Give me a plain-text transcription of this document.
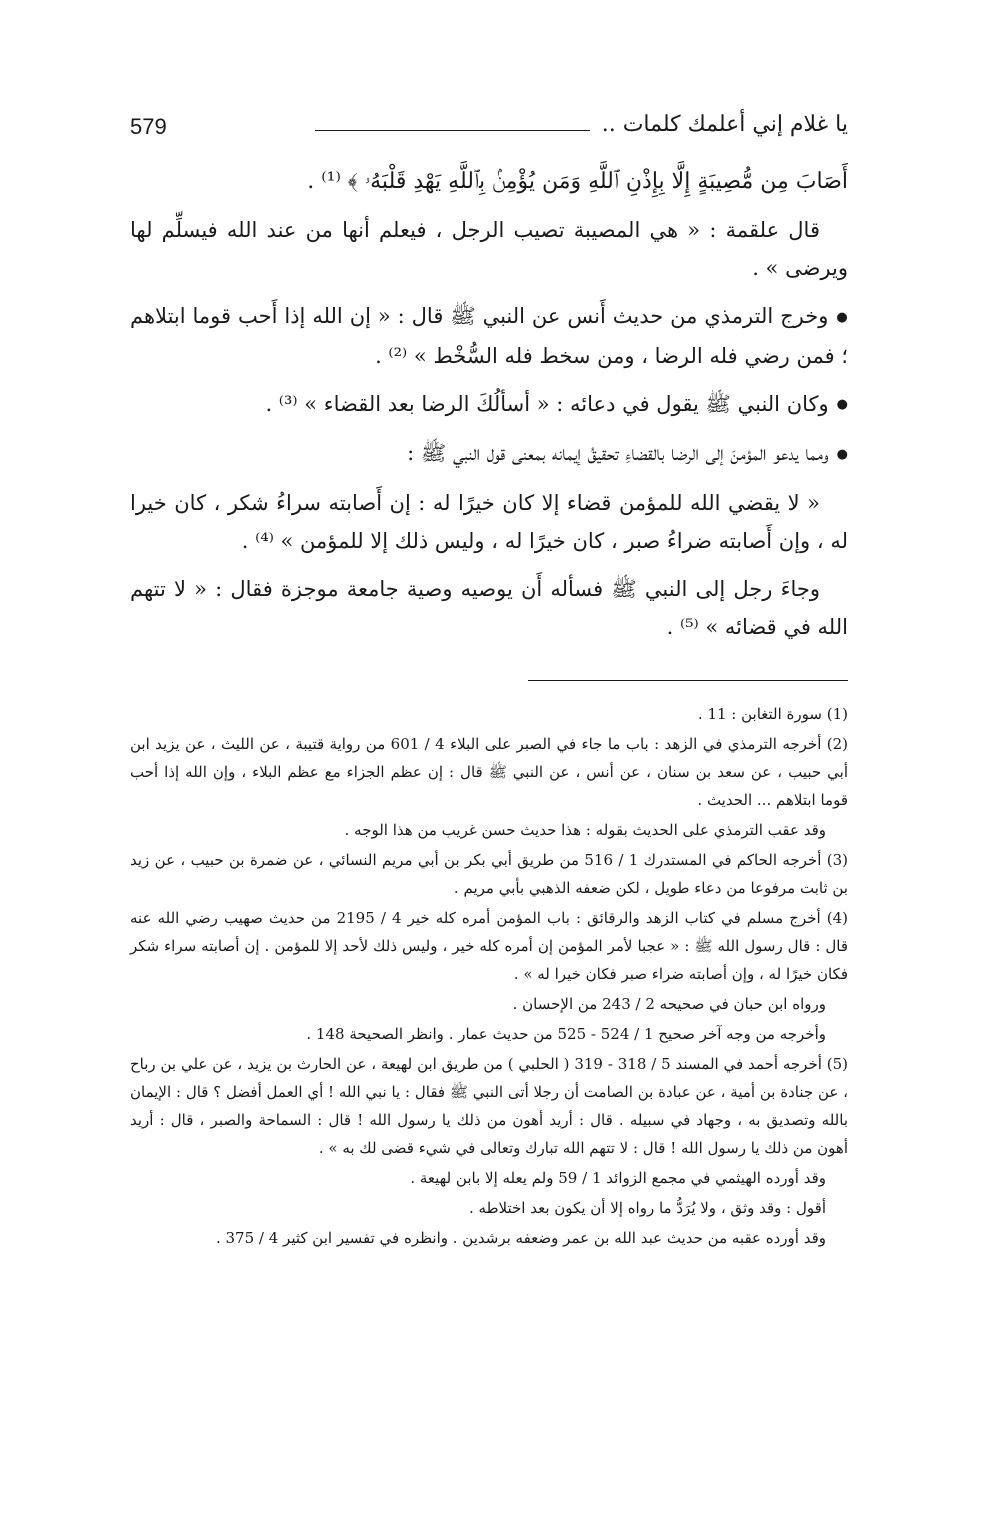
يا غلام إني أعلمك كلمات ..
579

أَصَابَ مِن مُّصِيبَةٍ إِلَّا بِإِذْنِ ٱللَّهِ وَمَن يُؤْمِنۢ بِٱللَّهِ يَهْدِ قَلْبَهُۥ ﴾ ⁽¹⁾ .

قال علقمة : « هي المصيبة تصيب الرجل ، فيعلم أنها من عند الله فيسلِّم لها ويرضى » .

● وخرج الترمذي من حديث أَنس عن النبي ﷺ قال : « إن الله إذا أَحب قوما ابتلاهم ؛ فمن رضي فله الرضا ، ومن سخط فله السُّخْط » ⁽²⁾ .

● وكان النبي ﷺ يقول في دعائه : « أسألُكَ الرضا بعد القضاء » ⁽³⁾ .

● ومما يدعو المؤمنَ إلى الرضا بالقضاءِ تحقيقُ إيمانه بمعنى قول النبي ﷺ :

« لا يقضي الله للمؤمن قضاء إلا كان خيرًا له : إن أَصابته سراءُ شكر ، كان خيرا له ، وإن أَصابته ضراءُ صبر ، كان خيرًا له ، وليس ذلك إلا للمؤمن » ⁽⁴⁾ .

وجاءَ رجل إلى النبي ﷺ فسأله أَن يوصيه وصية جامعة موجزة فقال : « لا تتهم الله في قضائه » ⁽⁵⁾ .

(1) سورة التغابن : 11 .

(2) أخرجه الترمذي في الزهد : باب ما جاء في الصبر على البلاء 4 / 601 من رواية قتيبة ، عن الليث ، عن يزيد ابن أبي حبيب ، عن سعد بن سنان ، عن أنس ، عن النبي ﷺ قال : إن عظم الجزاء مع عظم البلاء ، وإن الله إذا أحب قوما ابتلاهم ... الحديث .

وقد عقب الترمذي على الحديث بقوله : هذا حديث حسن غريب من هذا الوجه .

(3) أخرجه الحاكم في المستدرك 1 / 516 من طريق أبي بكر بن أبي مريم النسائي ، عن ضمرة بن حبيب ، عن زيد بن ثابت مرفوعا من دعاء طويل ، لكن ضعفه الذهبي بأبي مريم .

(4) أخرج مسلم في كتاب الزهد والرقائق : باب المؤمن أمره كله خير 4 / 2195 من حديث صهيب رضي الله عنه قال : قال رسول الله ﷺ : « عجبا لأمر المؤمن إن أمره كله خير ، وليس ذلك لأحد إلا للمؤمن . إن أصابته سراء شكر فكان خيرًا له ، وإن أصابته ضراء صبر فكان خيرا له » .

ورواه ابن حبان في صحيحه 2 / 243 من الإحسان .

وأخرجه من وجه آخر صحيح 1 / 524 - 525 من حديث عمار . وانظر الصحيحة 148 .

(5) أخرجه أحمد في المسند 5 / 318 - 319 ( الحلبي ) من طريق ابن لهيعة ، عن الحارث بن يزيد ، عن علي بن رباح ، عن جنادة بن أمية ، عن عبادة بن الصامت أن رجلا أتى النبي ﷺ فقال : يا نبي الله ! أي العمل أفضل ؟ قال : الإيمان بالله وتصديق به ، وجهاد في سبيله . قال : أريد أهون من ذلك يا رسول الله ! قال : السماحة والصبر ، قال : أريد أهون من ذلك يا رسول الله ! قال : لا تتهم الله تبارك وتعالى في شيء قضى لك به » .

وقد أورده الهيثمي في مجمع الزوائد 1 / 59 ولم يعله إلا بابن لهيعة .

أقول : وقد وثق ، ولا يُرَدُّ ما رواه إلا أن يكون بعد اختلاطه .

وقد أورده عقبه من حديث عبد الله بن عمر وضعفه برشدين . وانظره في تفسير ابن كثير 4 / 375 .
